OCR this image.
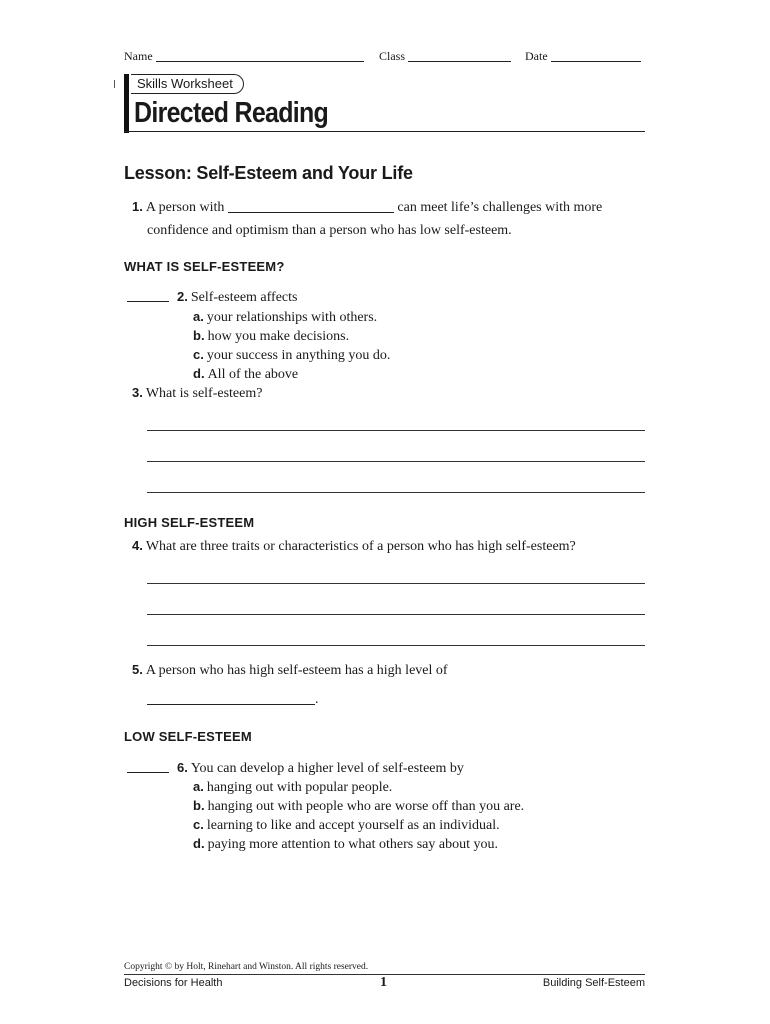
Name	Class	Date
Skills Worksheet
Directed Reading
Lesson: Self-Esteem and Your Life
1. A person with	can meet life’s challenges with more
confidence and optimism than a person who has low self-esteem.
WHAT IS SELF-ESTEEM?
2. Self-esteem affects
a. your relationships with others.
b. how you make decisions.
c. your success in anything you do.
d. All of the above
3. What is self-esteem?
HIGH SELF-ESTEEM
4. What are three traits or characteristics of a person who has high self-esteem?
5. A person who has high self-esteem has a high level of
.
LOW SELF-ESTEEM
6. You can develop a higher level of self-esteem by
a. hanging out with popular people.
b. hanging out with people who are worse off than you are.
c. learning to like and accept yourself as an individual.
d. paying more attention to what others say about you.
Copyright © by Holt, Rinehart and Winston. All rights reserved.
Decisions for Health	1	Building Self-Esteem
